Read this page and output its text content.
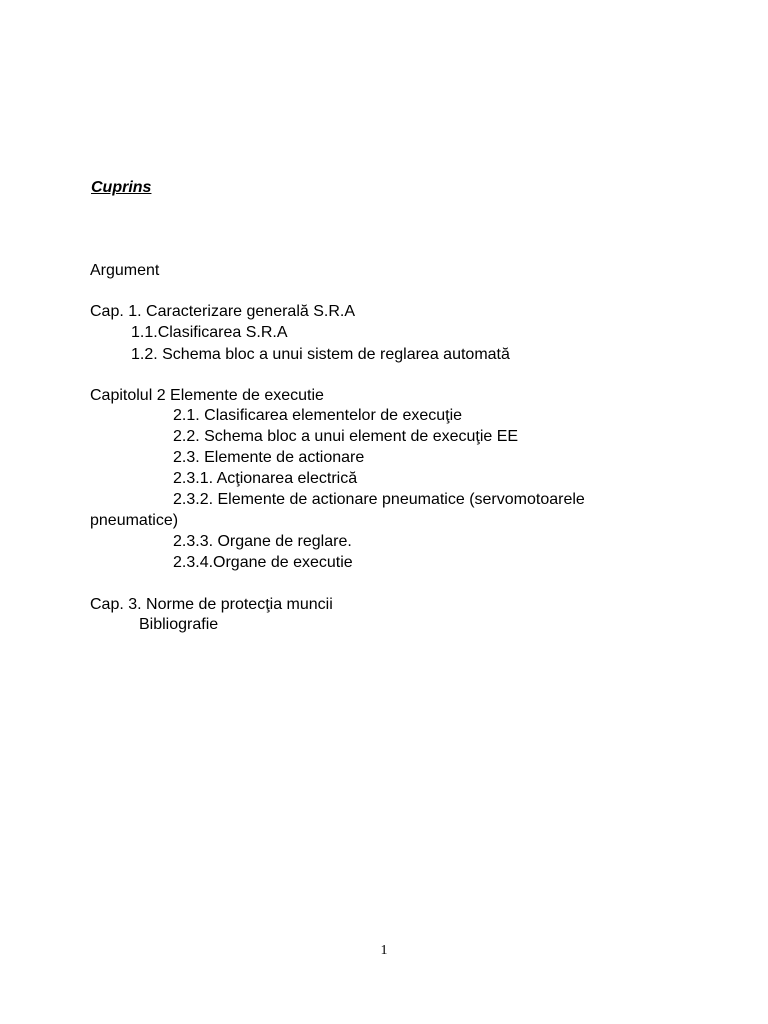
Cuprins
Argument
Cap. 1. Caracterizare generală S.R.A
1.1.Clasificarea S.R.A
1.2. Schema bloc a unui sistem de reglarea automată
Capitolul 2 Elemente de executie
2.1. Clasificarea elementelor de execuţie
2.2. Schema bloc a unui element de execuţie EE
2.3. Elemente de actionare
2.3.1. Acţionarea electrică
2.3.2. Elemente de actionare pneumatice (servomotoarele
pneumatice)
2.3.3. Organe de reglare.
2.3.4.Organe de executie
Cap. 3. Norme de protecţia muncii
Bibliografie
1
